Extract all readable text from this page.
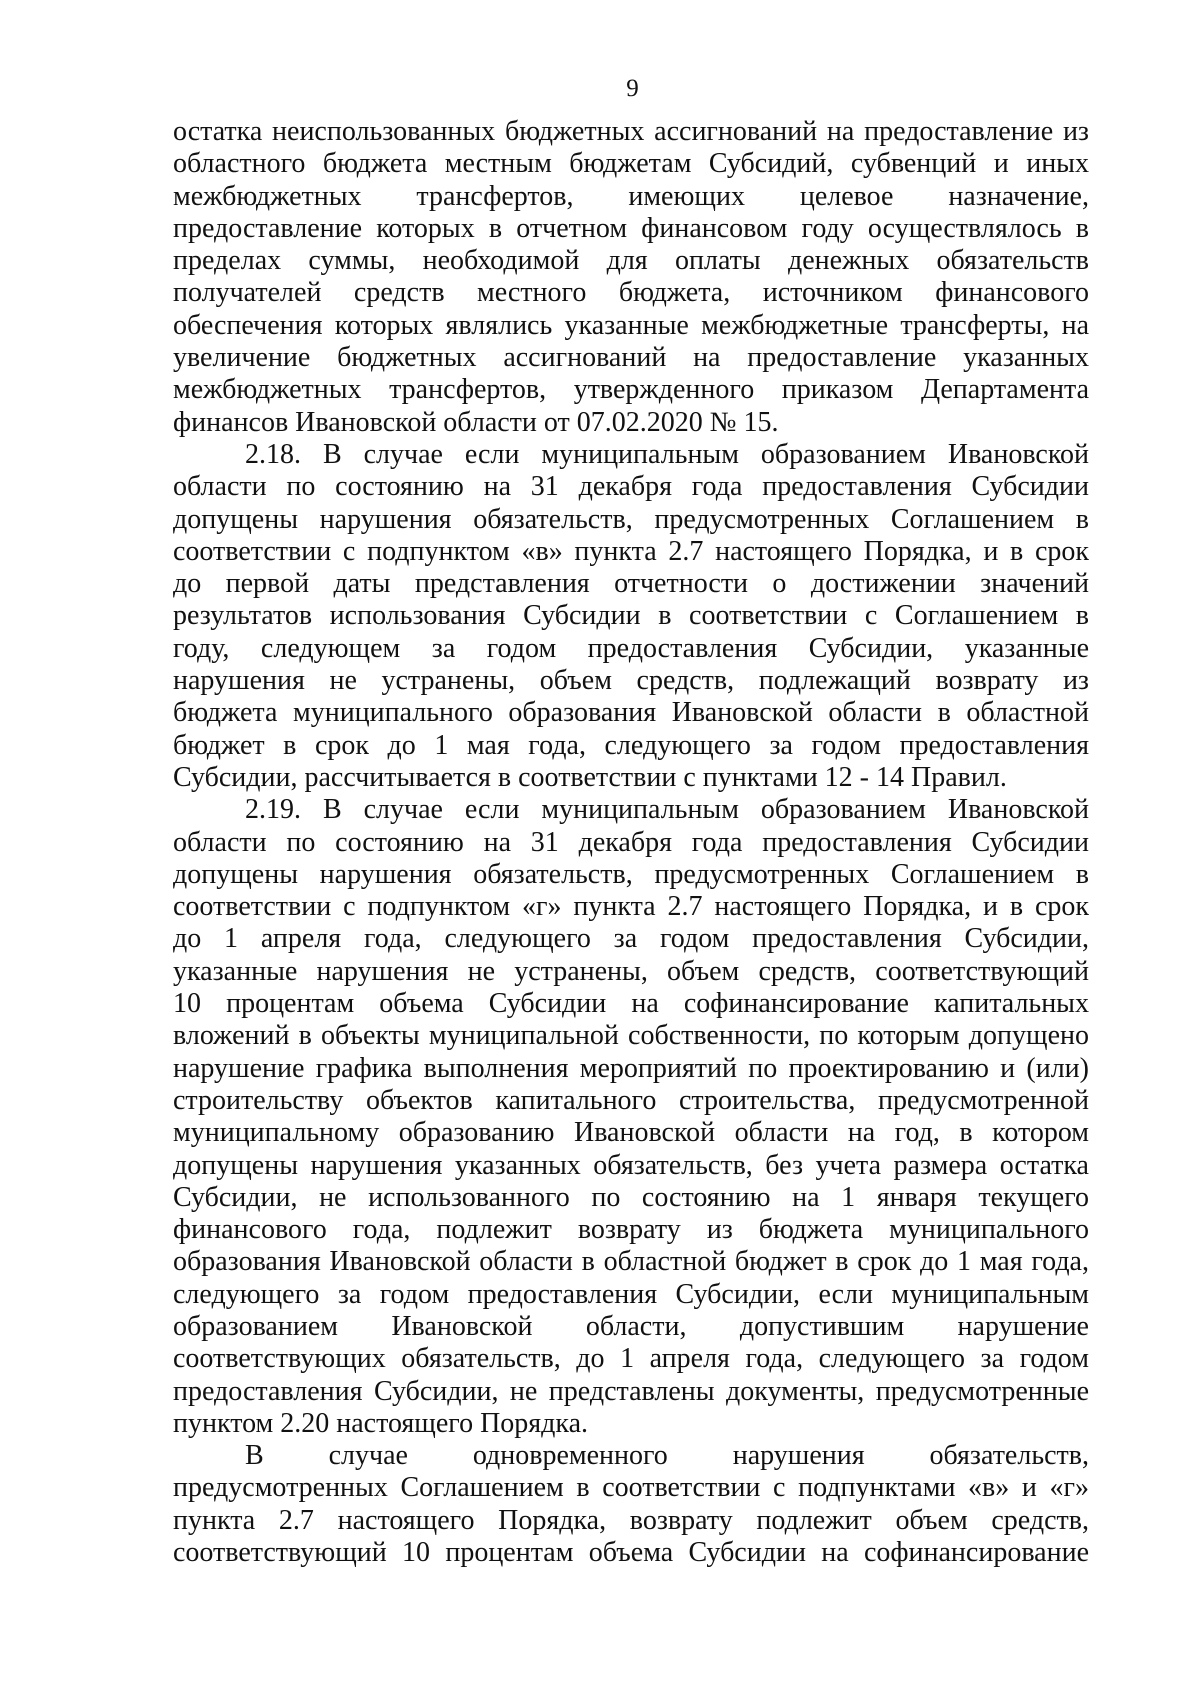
9
остатка неиспользованных бюджетных ассигнований на предоставление из
областного бюджета местным бюджетам Субсидий, субвенций и иных
межбюджетных трансфертов, имеющих целевое назначение,
предоставление которых в отчетном финансовом году осуществлялось в
пределах суммы, необходимой для оплаты денежных обязательств
получателей средств местного бюджета, источником финансового
обеспечения которых являлись указанные межбюджетные трансферты, на
увеличение бюджетных ассигнований на предоставление указанных
межбюджетных трансфертов, утвержденного приказом Департамента
финансов Ивановской области от 07.02.2020 № 15.
2.18. В случае если муниципальным образованием Ивановской
области по состоянию на 31 декабря года предоставления Субсидии
допущены нарушения обязательств, предусмотренных Соглашением в
соответствии с подпунктом «в» пункта 2.7 настоящего Порядка, и в срок
до первой даты представления отчетности о достижении значений
результатов использования Субсидии в соответствии с Соглашением в
году, следующем за годом предоставления Субсидии, указанные
нарушения не устранены, объем средств, подлежащий возврату из
бюджета муниципального образования Ивановской области в областной
бюджет в срок до 1 мая года, следующего за годом предоставления
Субсидии, рассчитывается в соответствии с пунктами 12 - 14 Правил.
2.19. В случае если муниципальным образованием Ивановской
области по состоянию на 31 декабря года предоставления Субсидии
допущены нарушения обязательств, предусмотренных Соглашением в
соответствии с подпунктом «г» пункта 2.7 настоящего Порядка, и в срок
до 1 апреля года, следующего за годом предоставления Субсидии,
указанные нарушения не устранены, объем средств, соответствующий
10 процентам объема Субсидии на софинансирование капитальных
вложений в объекты муниципальной собственности, по которым допущено
нарушение графика выполнения мероприятий по проектированию и (или)
строительству объектов капитального строительства, предусмотренной
муниципальному образованию Ивановской области на год, в котором
допущены нарушения указанных обязательств, без учета размера остатка
Субсидии, не использованного по состоянию на 1 января текущего
финансового года, подлежит возврату из бюджета муниципального
образования Ивановской области в областной бюджет в срок до 1 мая года,
следующего за годом предоставления Субсидии, если муниципальным
образованием Ивановской области, допустившим нарушение
соответствующих обязательств, до 1 апреля года, следующего за годом
предоставления Субсидии, не представлены документы, предусмотренные
пунктом 2.20 настоящего Порядка.
В случае одновременного нарушения обязательств,
предусмотренных Соглашением в соответствии с подпунктами «в» и «г»
пункта 2.7 настоящего Порядка, возврату подлежит объем средств,
соответствующий 10 процентам объема Субсидии на софинансирование
